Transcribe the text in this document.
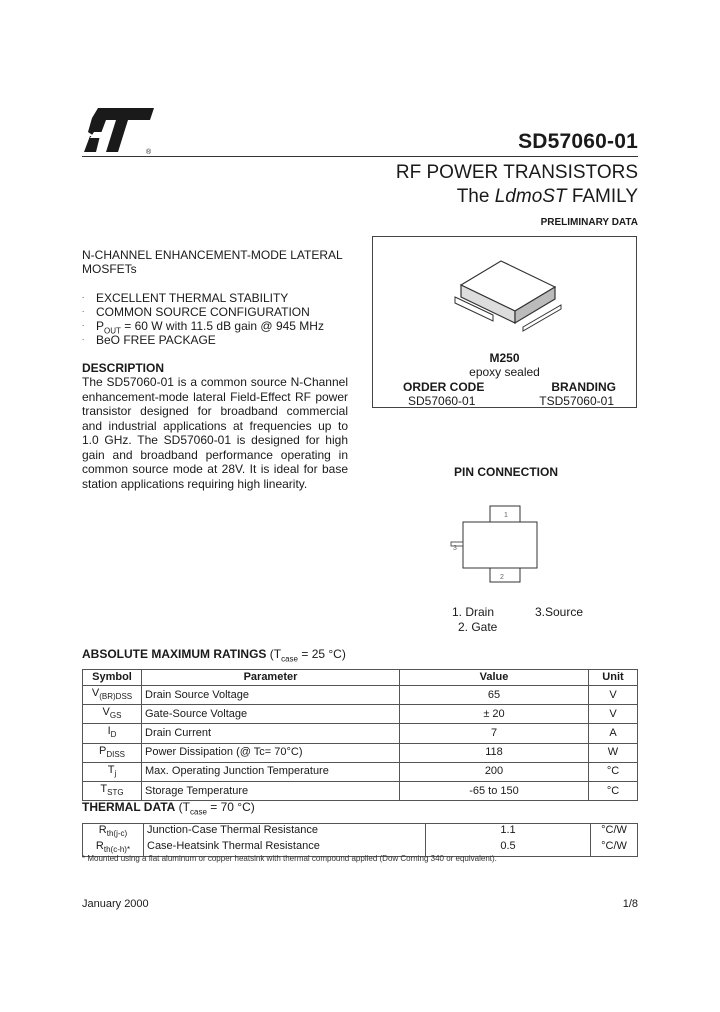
®	SD57060-01
RF POWER TRANSISTORS
The LdmoST FAMILY
PRELIMINARY DATA
N-CHANNEL ENHANCEMENT-MODE LATERAL
MOSFETs
. EXCELLENT THERMAL STABILITY
. COMMON SOURCE CONFIGURATION
. $P_{OUT} = 60$ W with 11.5 dB gain @ 945 MHz
. BeO FREE PACKAGE
DESCRIPTION
The SD57060-01 is a common source N-Channel enhancement-mode lateral Field-Effect RF power transistor designed for broadband commercial and industrial applications at frequencies up to 1.0 GHz. The SD57060-01 is designed for high gain and broadband performance operating in common source mode at 28V. It is ideal for base station applications requiring high linearity.
M250
epoxy sealed
ORDER CODE	BRANDING
SD57060-01	TSD57060-01
PIN CONNECTION
1
2
3
1. Drain	3.Source
2. Gate
ABSOLUTE MAXIMUM RATINGS ($T_{case} = 25$ °C)
Symbol	Parameter	Value	Unit
$V_{(BR)DSS}$	Drain Source Voltage	65	V
$V_{GS}$	Gate-Source Voltage	± 20	V
$I_D$	Drain Current	7	A
$P_{DISS}$	Power Dissipation (@ Tc= 70°C)	118	W
$T_j$	Max. Operating Junction Temperature	200	°C
$T_{STG}$	Storage Temperature	-65 to 150	°C
THERMAL DATA ($T_{case} = 70$ °C)
$R_{th(j-c)}$	Junction-Case Thermal Resistance	1.1	°C/W
$R_{th(c-h)*}$	Case-Heatsink Thermal Resistance	0.5	°C/W
* Mounted using a flat aluminum or copper heatsink with thermal compound applied (Dow Corning 340 or equivalent).
January 2000	1/8
